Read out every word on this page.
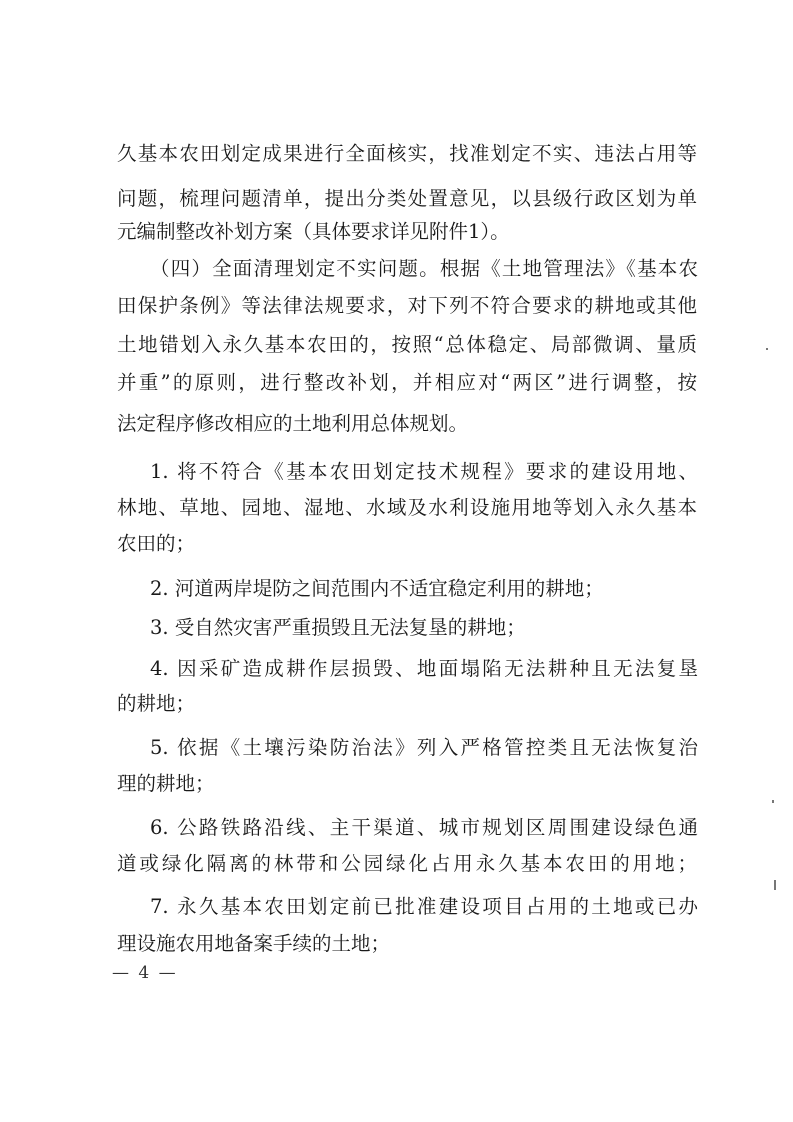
久基本农田划定成果进行全面核实，找准划定不实、违法占用等
问题，梳理问题清单，提出分类处置意见，以县级行政区划为单
元编制整改补划方案（具体要求详见附件1）。
（四）全面清理划定不实问题。根据《土地管理法》《基本农
田保护条例》等法律法规要求，对下列不符合要求的耕地或其他
土地错划入永久基本农田的，按照“总体稳定、局部微调、量质
并重”的原则，进行整改补划，并相应对“两区”进行调整，按
法定程序修改相应的土地利用总体规划。
1. 将不符合《基本农田划定技术规程》要求的建设用地、
林地、草地、园地、湿地、水域及水利设施用地等划入永久基本
农田的；
2. 河道两岸堤防之间范围内不适宜稳定利用的耕地；
3. 受自然灾害严重损毁且无法复垦的耕地；
4. 因采矿造成耕作层损毁、地面塌陷无法耕种且无法复垦
的耕地；
5. 依据《土壤污染防治法》列入严格管控类且无法恢复治
理的耕地；
6. 公路铁路沿线、主干渠道、城市规划区周围建设绿色通
道或绿化隔离的林带和公园绿化占用永久基本农田的用地；
7. 永久基本农田划定前已批准建设项目占用的土地或已办
理设施农用地备案手续的土地；
— 4 —
